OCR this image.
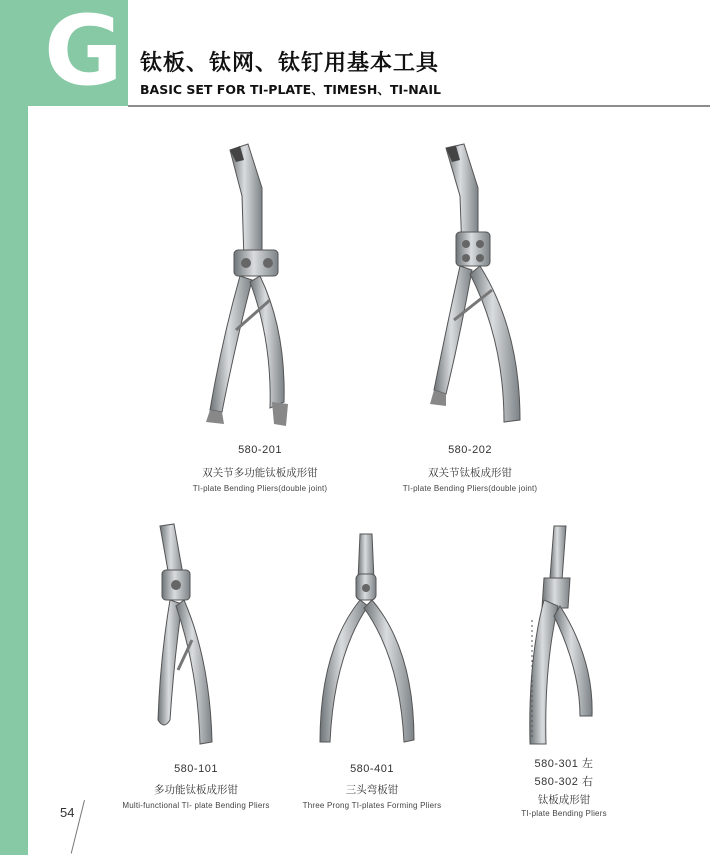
G 钛板、钛网、钛钉用基本工具
BASIC SET FOR TI-PLATE、TIMESH、TI-NAIL
580-201
双关节多功能钛板成形钳
TI-plate Bending Pliers(double joint)
580-202
双关节钛板成形钳
TI-plate Bending Pliers(double joint)
580-101
多功能钛板成形钳
Multi-functional TI- plate Bending Pliers
580-401
三头弯板钳
Three Prong TI-plates Forming Pliers
580-301 左
580-302 右
钛板成形钳
TI-plate Bending Pliers
54
